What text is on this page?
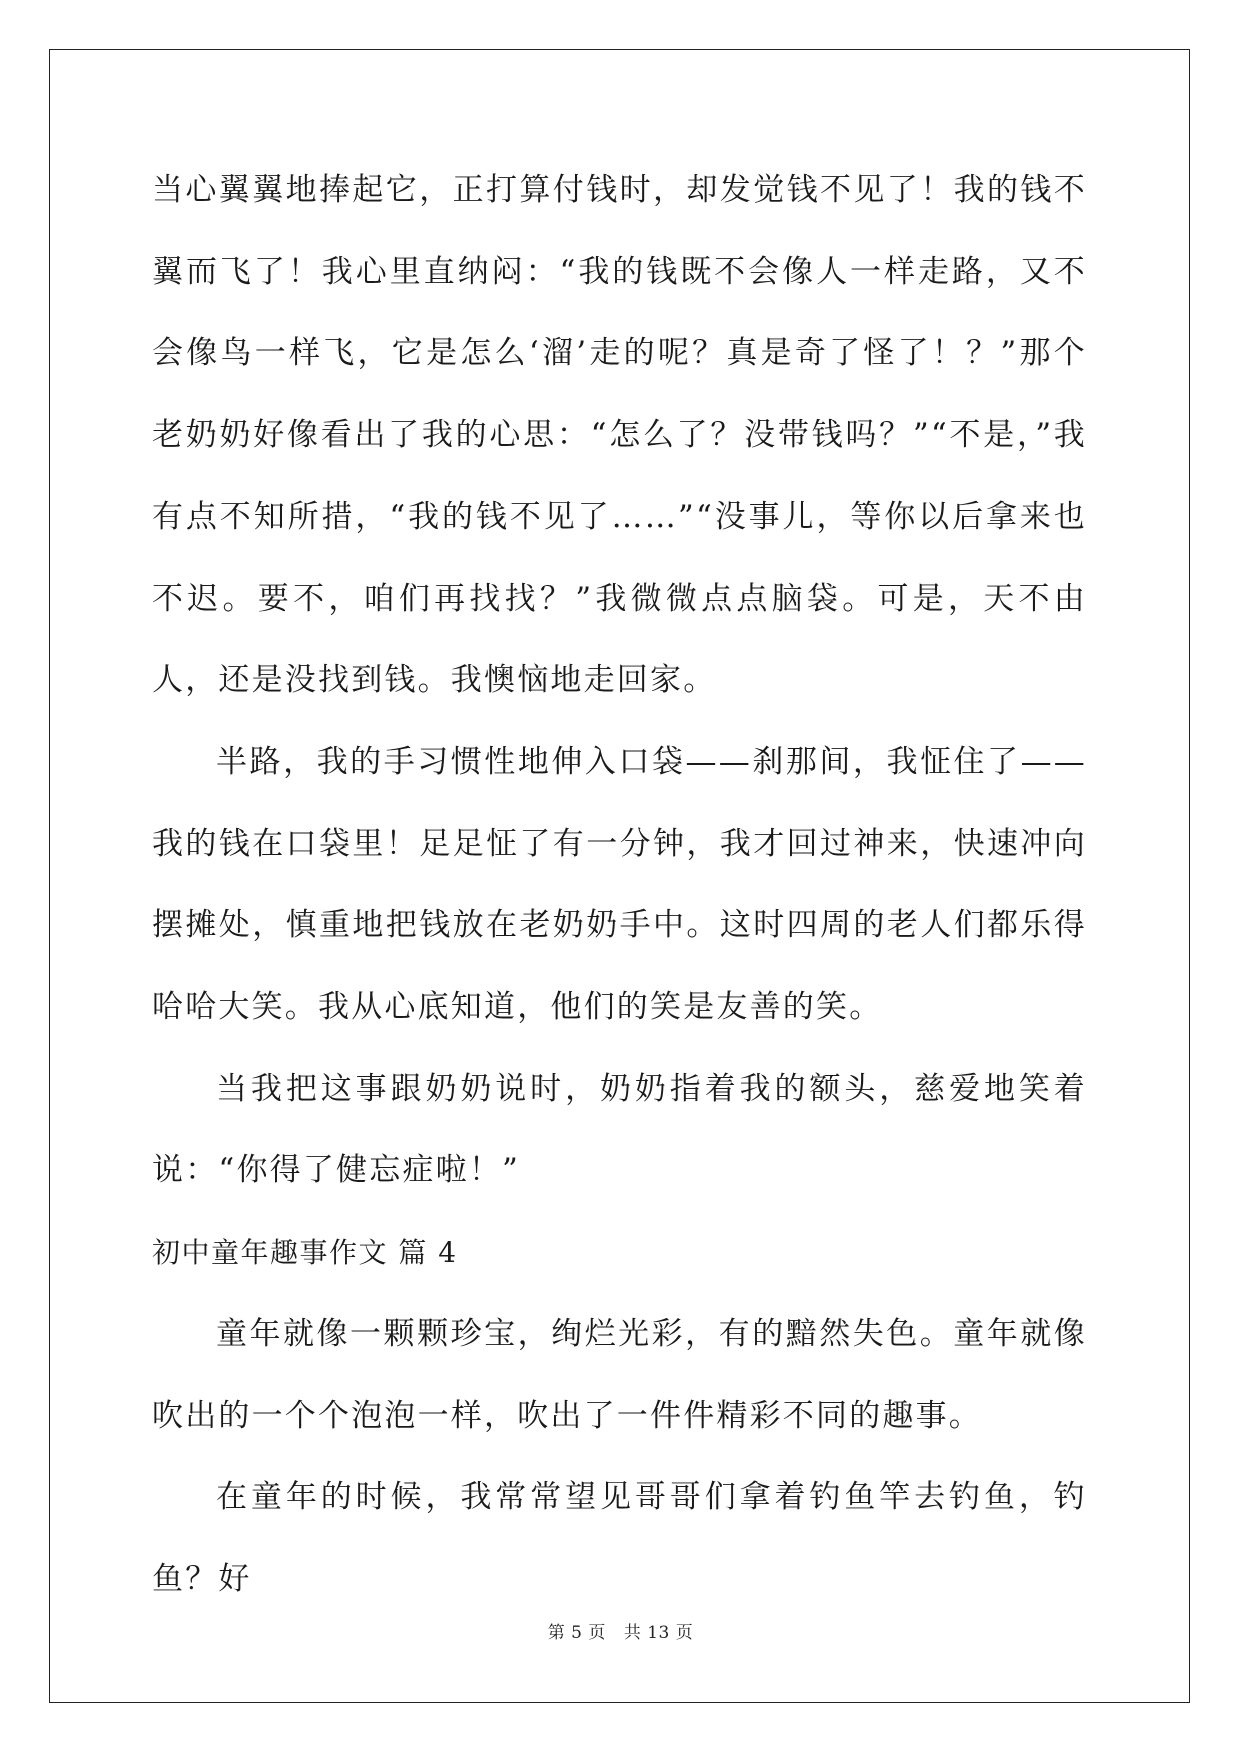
当心翼翼地捧起它，正打算付钱时，却发觉钱不见了！我的钱不翼而飞了！我心里直纳闷：“我的钱既不会像人一样走路，又不会像鸟一样飞，它是怎么‘溜’走的呢？真是奇了怪了！？”那个老奶奶好像看出了我的心思：“怎么了？没带钱吗？”“不是，”我有点不知所措，“我的钱不见了……”“没事儿，等你以后拿来也不迟。要不，咱们再找找？”我微微点点脑袋。可是，天不由人，还是没找到钱。我懊恼地走回家。

半路，我的手习惯性地伸入口袋——刹那间，我怔住了——我的钱在口袋里！足足怔了有一分钟，我才回过神来，快速冲向摆摊处，慎重地把钱放在老奶奶手中。这时四周的老人们都乐得哈哈大笑。我从心底知道，他们的笑是友善的笑。

当我把这事跟奶奶说时，奶奶指着我的额头，慈爱地笑着说：“你得了健忘症啦！”

初中童年趣事作文 篇 4

童年就像一颗颗珍宝，绚烂光彩，有的黯然失色。童年就像吹出的一个个泡泡一样，吹出了一件件精彩不同的趣事。

在童年的时候，我常常望见哥哥们拿着钓鱼竿去钓鱼，钓鱼？好

第 5 页 共 13 页
